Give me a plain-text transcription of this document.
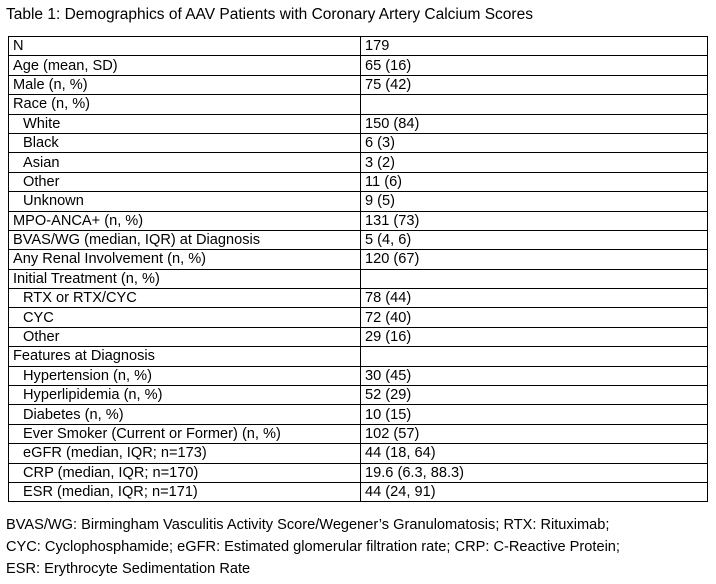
Table 1: Demographics of AAV Patients with Coronary Artery Calcium Scores
N	179
Age (mean, SD)	65 (16)
Male (n, %)	75 (42)
Race (n, %)	
White	150 (84)
Black	6 (3)
Asian	3 (2)
Other	11 (6)
Unknown	9 (5)
MPO-ANCA+ (n, %)	131 (73)
BVAS/WG (median, IQR) at Diagnosis	5 (4, 6)
Any Renal Involvement (n, %)	120 (67)
Initial Treatment (n, %)	
RTX or RTX/CYC	78 (44)
CYC	72 (40)
Other	29 (16)
Features at Diagnosis	
Hypertension (n, %)	30 (45)
Hyperlipidemia (n, %)	52 (29)
Diabetes (n, %)	10 (15)
Ever Smoker (Current or Former) (n, %)	102 (57)
eGFR (median, IQR; n=173)	44 (18, 64)
CRP (median, IQR; n=170)	19.6 (6.3, 88.3)
ESR (median, IQR; n=171)	44 (24, 91)
BVAS/WG: Birmingham Vasculitis Activity Score/Wegener’s Granulomatosis; RTX: Rituximab;
CYC: Cyclophosphamide; eGFR: Estimated glomerular filtration rate; CRP: C-Reactive Protein;
ESR: Erythrocyte Sedimentation Rate
